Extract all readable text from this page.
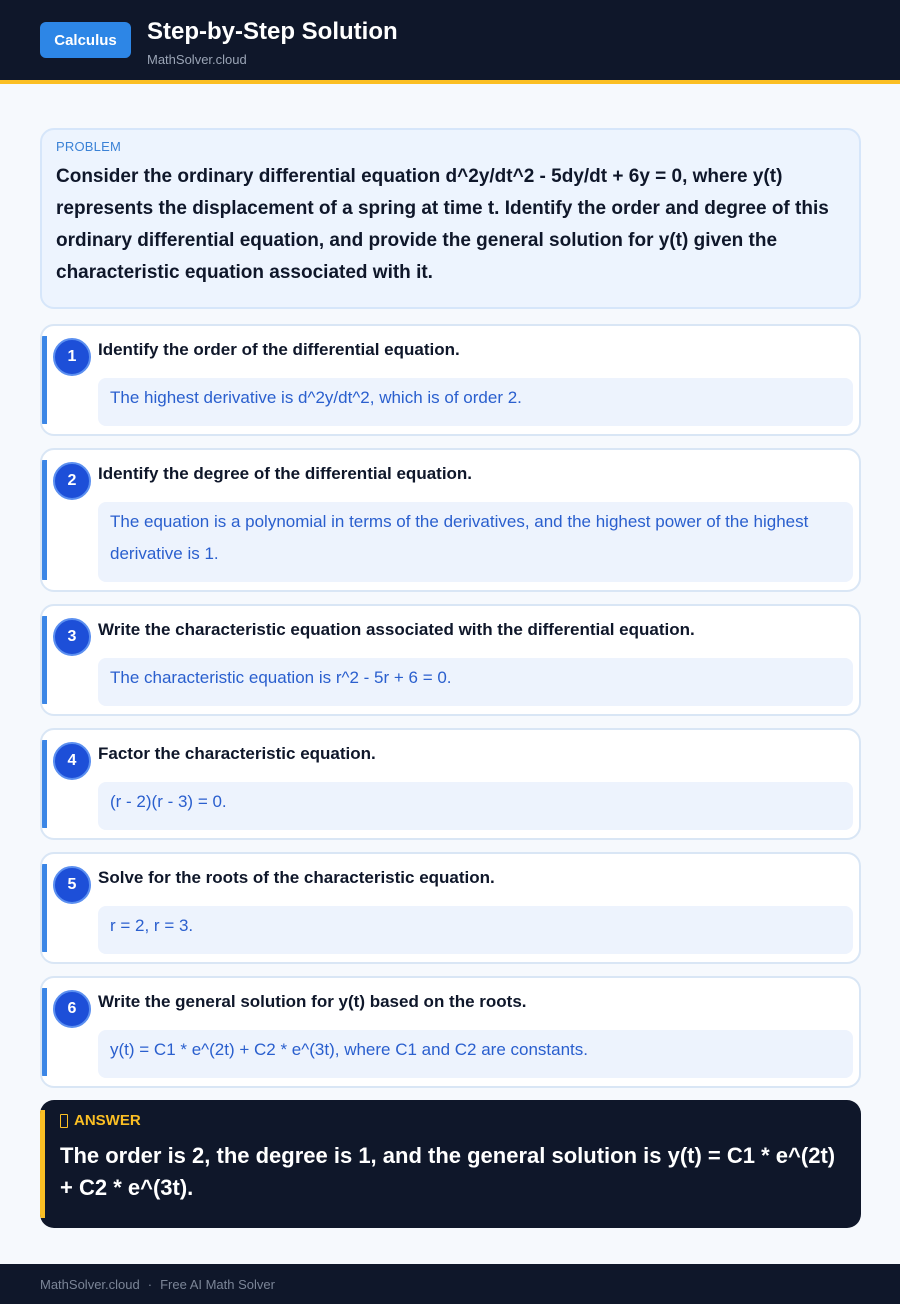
Calculus	Step-by-Step Solution
MathSolver.cloud
PROBLEM
Consider the ordinary differential equation d^2y/dt^2 - 5dy/dt + 6y = 0, where y(t) represents the displacement of a spring at time t. Identify the order and degree of this ordinary differential equation, and provide the general solution for y(t) given the characteristic equation associated with it.
1	Identify the order of the differential equation.
The highest derivative is d^2y/dt^2, which is of order 2.
2	Identify the degree of the differential equation.
The equation is a polynomial in terms of the derivatives, and the highest power of the highest derivative is 1.
3	Write the characteristic equation associated with the differential equation.
The characteristic equation is r^2 - 5r + 6 = 0.
4	Factor the characteristic equation.
(r - 2)(r - 3) = 0.
5	Solve for the roots of the characteristic equation.
r = 2, r = 3.
6	Write the general solution for y(t) based on the roots.
y(t) = C1 * e^(2t) + C2 * e^(3t), where C1 and C2 are constants.
ANSWER
The order is 2, the degree is 1, and the general solution is y(t) = C1 * e^(2t) + C2 * e^(3t).
MathSolver.cloud · Free AI Math Solver
